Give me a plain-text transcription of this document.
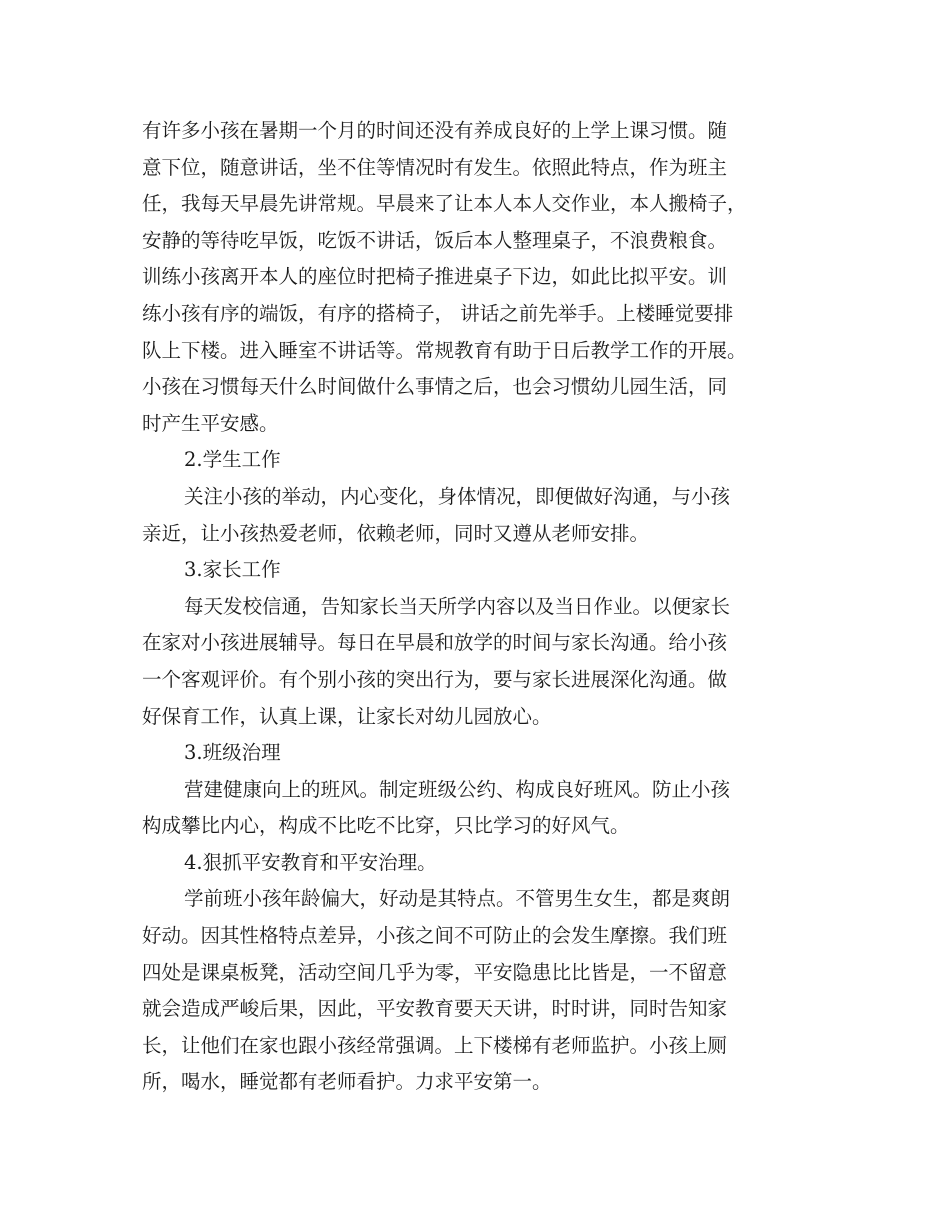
有许多小孩在暑期一个月的时间还没有养成良好的上学上课习惯。随
意下位，随意讲话，坐不住等情况时有发生。依照此特点，作为班主
任，我每天早晨先讲常规。早晨来了让本人本人交作业，本人搬椅子，
安静的等待吃早饭，吃饭不讲话，饭后本人整理桌子，不浪费粮食。
训练小孩离开本人的座位时把椅子推进桌子下边，如此比拟平安。训
练小孩有序的端饭，有序的搭椅子， 讲话之前先举手。上楼睡觉要排
队上下楼。进入睡室不讲话等。常规教育有助于日后教学工作的开展。
小孩在习惯每天什么时间做什么事情之后，也会习惯幼儿园生活，同
时产生平安感。
2.学生工作
关注小孩的举动，内心变化，身体情况，即便做好沟通，与小孩
亲近，让小孩热爱老师，依赖老师，同时又遵从老师安排。
3.家长工作
每天发校信通，告知家长当天所学内容以及当日作业。以便家长
在家对小孩进展辅导。每日在早晨和放学的时间与家长沟通。给小孩
一个客观评价。有个别小孩的突出行为，要与家长进展深化沟通。做
好保育工作，认真上课，让家长对幼儿园放心。
3.班级治理
营建健康向上的班风。制定班级公约、构成良好班风。防止小孩
构成攀比内心，构成不比吃不比穿，只比学习的好风气。
4.狠抓平安教育和平安治理。
学前班小孩年龄偏大，好动是其特点。不管男生女生，都是爽朗
好动。因其性格特点差异，小孩之间不可防止的会发生摩擦。我们班
四处是课桌板凳，活动空间几乎为零，平安隐患比比皆是，一不留意
就会造成严峻后果，因此，平安教育要天天讲，时时讲，同时告知家
长，让他们在家也跟小孩经常强调。上下楼梯有老师监护。小孩上厕
所，喝水，睡觉都有老师看护。力求平安第一。
